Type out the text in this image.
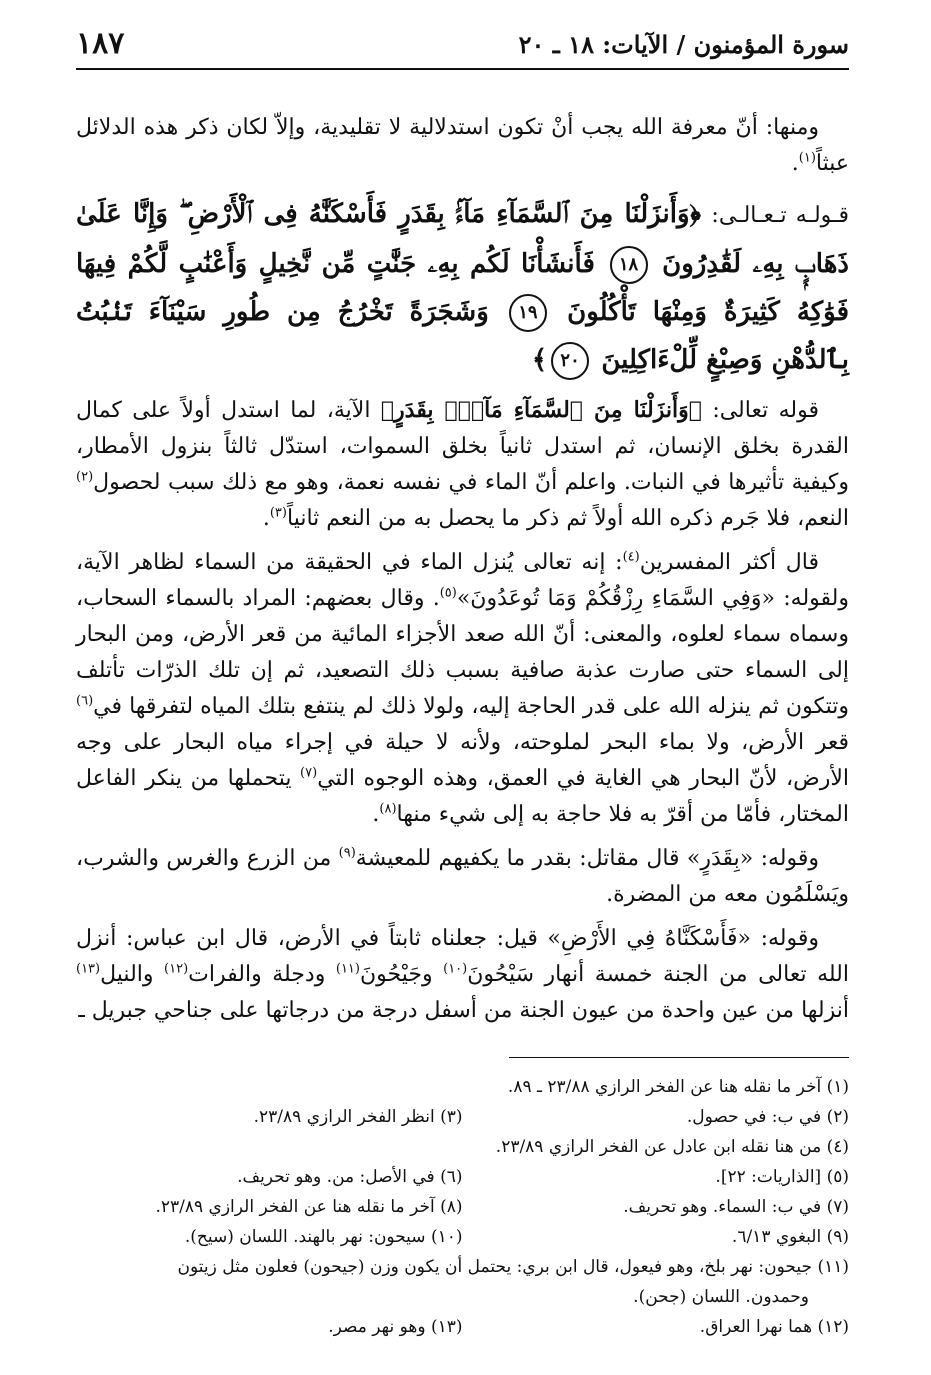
سورة المؤمنون / الآيات: ١٨ ـ ٢٠
١٨٧

ومنها: أنّ معرفة الله يجب أنْ تكون استدلالية لا تقليدية، وإلاّ لكان ذكر هذه الدلائل عبثاً$^{(١)}$.

قـولـه تـعـالـى: ﴿وَأَنزَلْنَا مِنَ ٱلسَّمَآءِ مَآءًۢ بِقَدَرٍ فَأَسْكَنَّٰهُ فِى ٱلْأَرْضِ ۖ وَإِنَّا عَلَىٰ ذَهَابٍۭ بِهِۦ لَقَٰدِرُونَ ١٨ فَأَنشَأْنَا لَكُم بِهِۦ جَنَّٰتٍ مِّن نَّخِيلٍ وَأَعْنَٰبٍ لَّكُمْ فِيهَا فَوَٰكِهُ كَثِيرَةٌ وَمِنْهَا تَأْكُلُونَ ١٩ وَشَجَرَةً تَخْرُجُ مِن طُورِ سَيْنَآءَ تَنۢبُتُ بِٱلدُّهْنِ وَصِبْغٍ لِّلْءَاكِلِينَ ٢٠﴾

قوله تعالى: ﴿وَأَنزَلْنَا مِنَ ٱلسَّمَآءِ مَآءًۢ بِقَدَرٍ﴾ الآية، لما استدل أولاً على كمال القدرة بخلق الإنسان، ثم استدل ثانياً بخلق السموات، استدّل ثالثاً بنزول الأمطار، وكيفية تأثيرها في النبات. واعلم أنّ الماء في نفسه نعمة، وهو مع ذلك سبب لحصول$^{(٢)}$ النعم، فلا جَرم ذكره الله أولاً ثم ذكر ما يحصل به من النعم ثانياً$^{(٣)}$.

قال أكثر المفسرين$^{(٤)}$: إنه تعالى يُنزل الماء في الحقيقة من السماء لظاهر الآية، ولقوله: «وَفِي السَّمَاءِ رِزْقُكُمْ وَمَا تُوعَدُونَ»$^{(٥)}$. وقال بعضهم: المراد بالسماء السحاب، وسماه سماء لعلوه، والمعنى: أنّ الله صعد الأجزاء المائية من قعر الأرض، ومن البحار إلى السماء حتى صارت عذبة صافية بسبب ذلك التصعيد، ثم إن تلك الذرّات تأتلف وتتكون ثم ينزله الله على قدر الحاجة إليه، ولولا ذلك لم ينتفع بتلك المياه لتفرقها في$^{(٦)}$ قعر الأرض، ولا بماء البحر لملوحته، ولأنه لا حيلة في إجراء مياه البحار على وجه الأرض، لأنّ البحار هي الغاية في العمق، وهذه الوجوه التي$^{(٧)}$ يتحملها من ينكر الفاعل المختار، فأمّا من أقرّ به فلا حاجة به إلى شيء منها$^{(٨)}$.

وقوله: «بِقَدَرٍ» قال مقاتل: بقدر ما يكفيهم للمعيشة$^{(٩)}$ من الزرع والغرس والشرب، ويَسْلَمُون معه من المضرة.

وقوله: «فَأَسْكَنَّاهُ فِي الأَرْضِ» قيل: جعلناه ثابتاً في الأرض، قال ابن عباس: أنزل الله تعالى من الجنة خمسة أنهار سَيْحُونَ$^{(١٠)}$ وجَيْحُونَ$^{(١١)}$ ودجلة والفرات$^{(١٢)}$ والنيل$^{(١٣)}$ أنزلها من عين واحدة من عيون الجنة من أسفل درجة من درجاتها على جناحي جبريل ـ

(١) آخر ما نقله هنا عن الفخر الرازي ٢٣/٨٨ ـ ٨٩.
(٢) في ب: في حصول.
(٣) انظر الفخر الرازي ٢٣/٨٩.
(٤) من هنا نقله ابن عادل عن الفخر الرازي ٢٣/٨٩.
(٥) [الذاريات: ٢٢].
(٦) في الأصل: من. وهو تحريف.
(٧) في ب: السماء. وهو تحريف.
(٨) آخر ما نقله هنا عن الفخر الرازي ٢٣/٨٩.
(٩) البغوي ٦/١٣.
(١٠) سيحون: نهر بالهند. اللسان (سيح).
(١١) جيحون: نهر بلخ، وهو فيعول، قال ابن بري: يحتمل أن يكون وزن (جيحون) فعلون مثل زيتون
وحمدون. اللسان (جحن).
(١٢) هما نهرا العراق.
(١٣) وهو نهر مصر.
